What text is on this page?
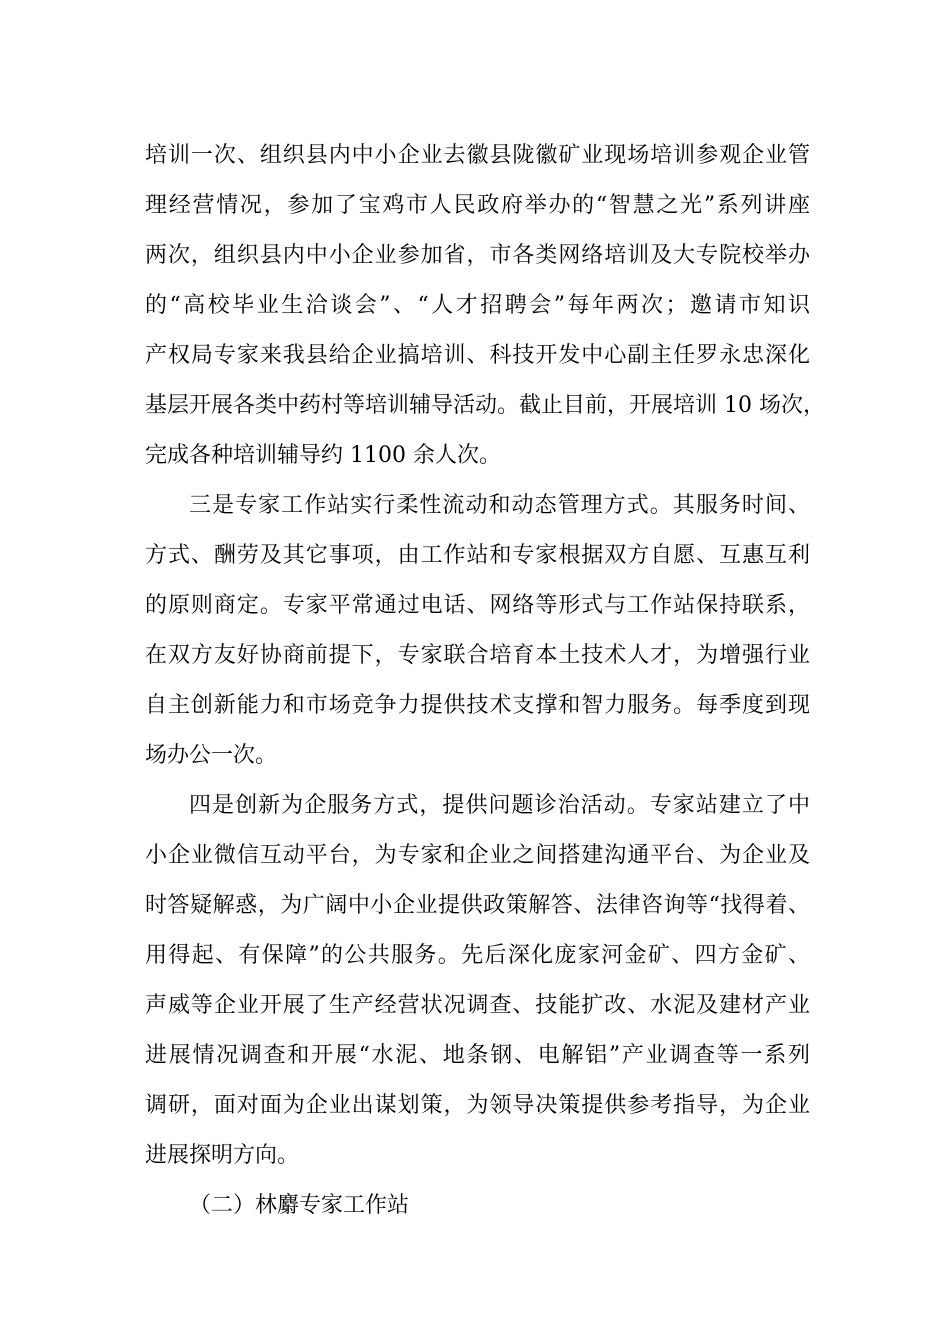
培训一次、组织县内中小企业去徽县陇徽矿业现场培训参观企业管
理经营情况，参加了宝鸡市人民政府举办的“智慧之光”系列讲座
两次，组织县内中小企业参加省，市各类网络培训及大专院校举办
的“高校毕业生洽谈会”、“人才招聘会”每年两次；邀请市知识
产权局专家来我县给企业搞培训、科技开发中心副主任罗永忠深化
基层开展各类中药村等培训辅导活动。截止目前，开展培训 10 场次，
完成各种培训辅导约 1100 余人次。
三是专家工作站实行柔性流动和动态管理方式。其服务时间、
方式、酬劳及其它事项，由工作站和专家根据双方自愿、互惠互利
的原则商定。专家平常通过电话、网络等形式与工作站保持联系，
在双方友好协商前提下，专家联合培育本土技术人才，为增强行业
自主创新能力和市场竞争力提供技术支撑和智力服务。每季度到现
场办公一次。
四是创新为企服务方式，提供问题诊治活动。专家站建立了中
小企业微信互动平台，为专家和企业之间搭建沟通平台、为企业及
时答疑解惑，为广阔中小企业提供政策解答、法律咨询等“找得着、
用得起、有保障”的公共服务。先后深化庞家河金矿、四方金矿、
声威等企业开展了生产经营状况调查、技能扩改、水泥及建材产业
进展情况调查和开展“水泥、地条钢、电解铝”产业调查等一系列
调研，面对面为企业出谋划策，为领导决策提供参考指导，为企业
进展探明方向。
（二）林麝专家工作站
